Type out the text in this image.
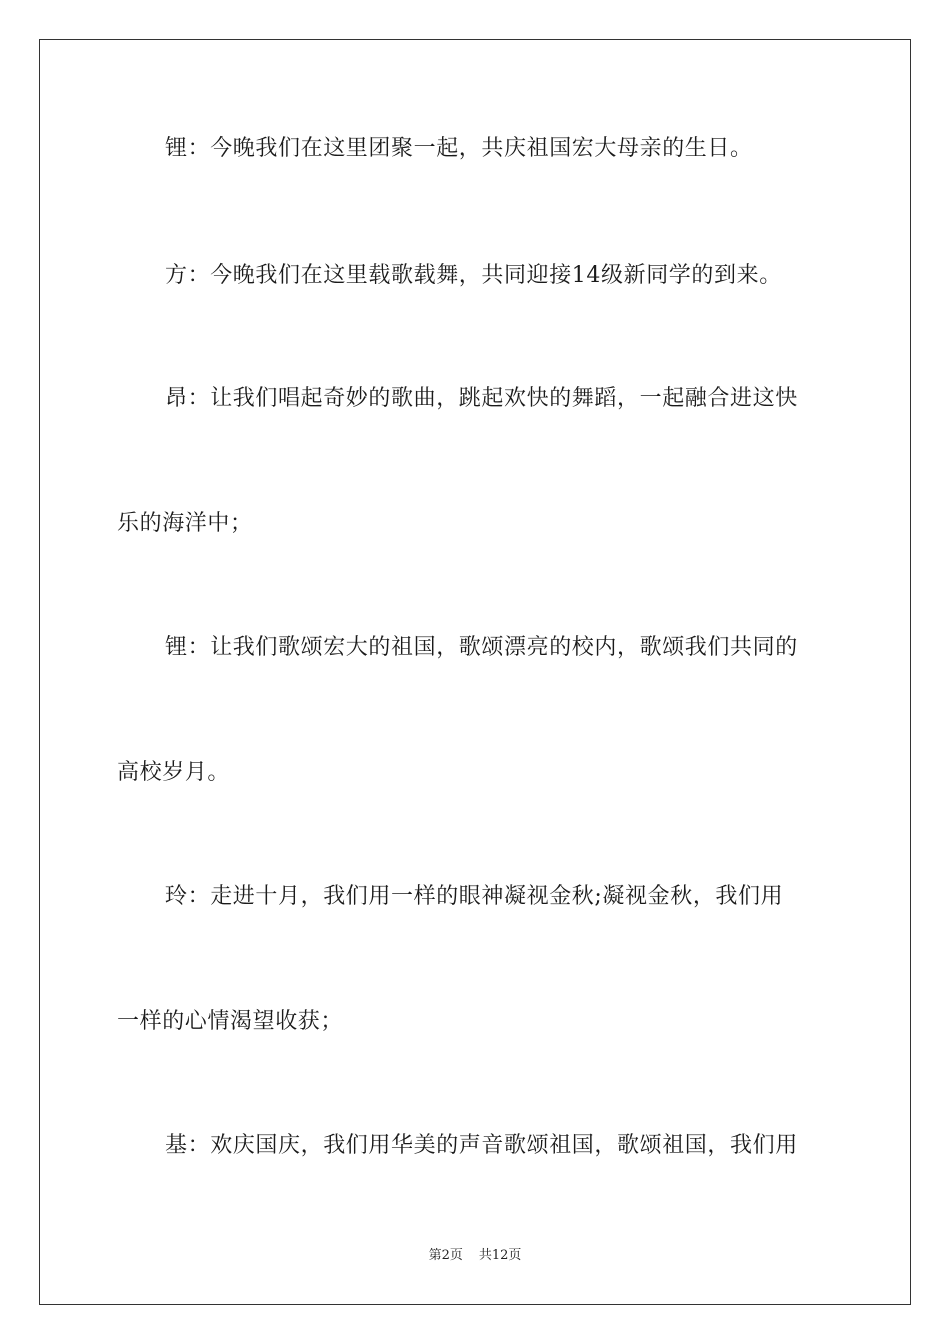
锂：今晚我们在这里团聚一起，共庆祖国宏大母亲的生日。
方：今晚我们在这里载歌载舞，共同迎接14级新同学的到来。
昂：让我们唱起奇妙的歌曲，跳起欢快的舞蹈，一起融合进这快
乐的海洋中；
锂：让我们歌颂宏大的祖国，歌颂漂亮的校内，歌颂我们共同的
高校岁月。
玲：走进十月，我们用一样的眼神凝视金秋;凝视金秋，我们用
一样的心情渴望收获；
基：欢庆国庆，我们用华美的声音歌颂祖国，歌颂祖国，我们用
第2页 共12页
